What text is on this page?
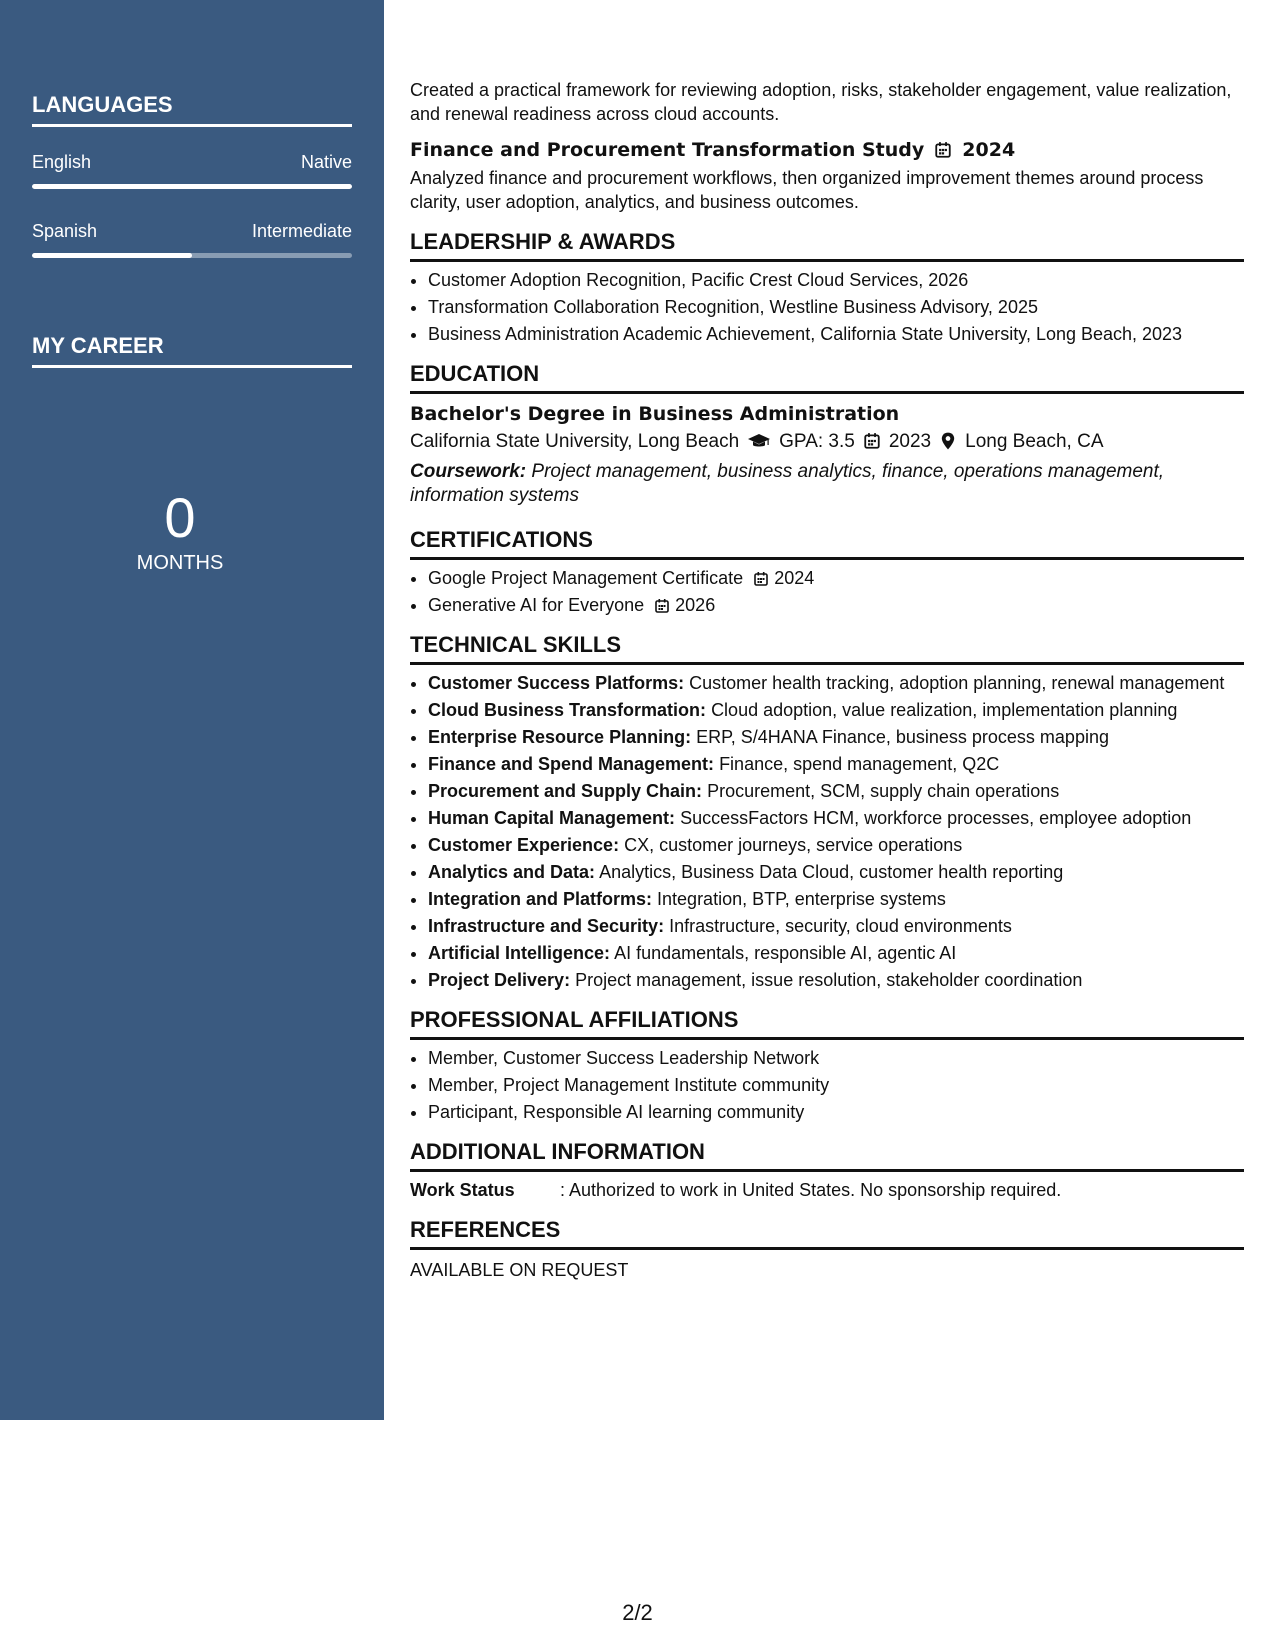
LANGUAGES
English	Native
Spanish	Intermediate
MY CAREER
0
MONTHS

Created a practical framework for reviewing adoption, risks, stakeholder engagement, value realization, and renewal readiness across cloud accounts.

Finance and Procurement Transformation Study 2024

Analyzed finance and procurement workflows, then organized improvement themes around process clarity, user adoption, analytics, and business outcomes.

LEADERSHIP & AWARDS
• Customer Adoption Recognition, Pacific Crest Cloud Services, 2026
• Transformation Collaboration Recognition, Westline Business Advisory, 2025
• Business Administration Academic Achievement, California State University, Long Beach, 2023
EDUCATION
Bachelor's Degree in Business Administration
California State University, Long Beach GPA: 3.5 2023 Long Beach, CA
Coursework: Project management, business analytics, finance, operations management, information systems
CERTIFICATIONS
• Google Project Management Certificate 2024
• Generative AI for Everyone 2026
TECHNICAL SKILLS
• Customer Success Platforms: Customer health tracking, adoption planning, renewal management
• Cloud Business Transformation: Cloud adoption, value realization, implementation planning
• Enterprise Resource Planning: ERP, S/4HANA Finance, business process mapping
• Finance and Spend Management: Finance, spend management, Q2C
• Procurement and Supply Chain: Procurement, SCM, supply chain operations
• Human Capital Management: SuccessFactors HCM, workforce processes, employee adoption
• Customer Experience: CX, customer journeys, service operations
• Analytics and Data: Analytics, Business Data Cloud, customer health reporting
• Integration and Platforms: Integration, BTP, enterprise systems
• Infrastructure and Security: Infrastructure, security, cloud environments
• Artificial Intelligence: AI fundamentals, responsible AI, agentic AI
• Project Delivery: Project management, issue resolution, stakeholder coordination
PROFESSIONAL AFFILIATIONS
• Member, Customer Success Leadership Network
• Member, Project Management Institute community
• Participant, Responsible AI learning community
ADDITIONAL INFORMATION
Work Status	: Authorized to work in United States. No sponsorship required.
REFERENCES
AVAILABLE ON REQUEST
2/2
